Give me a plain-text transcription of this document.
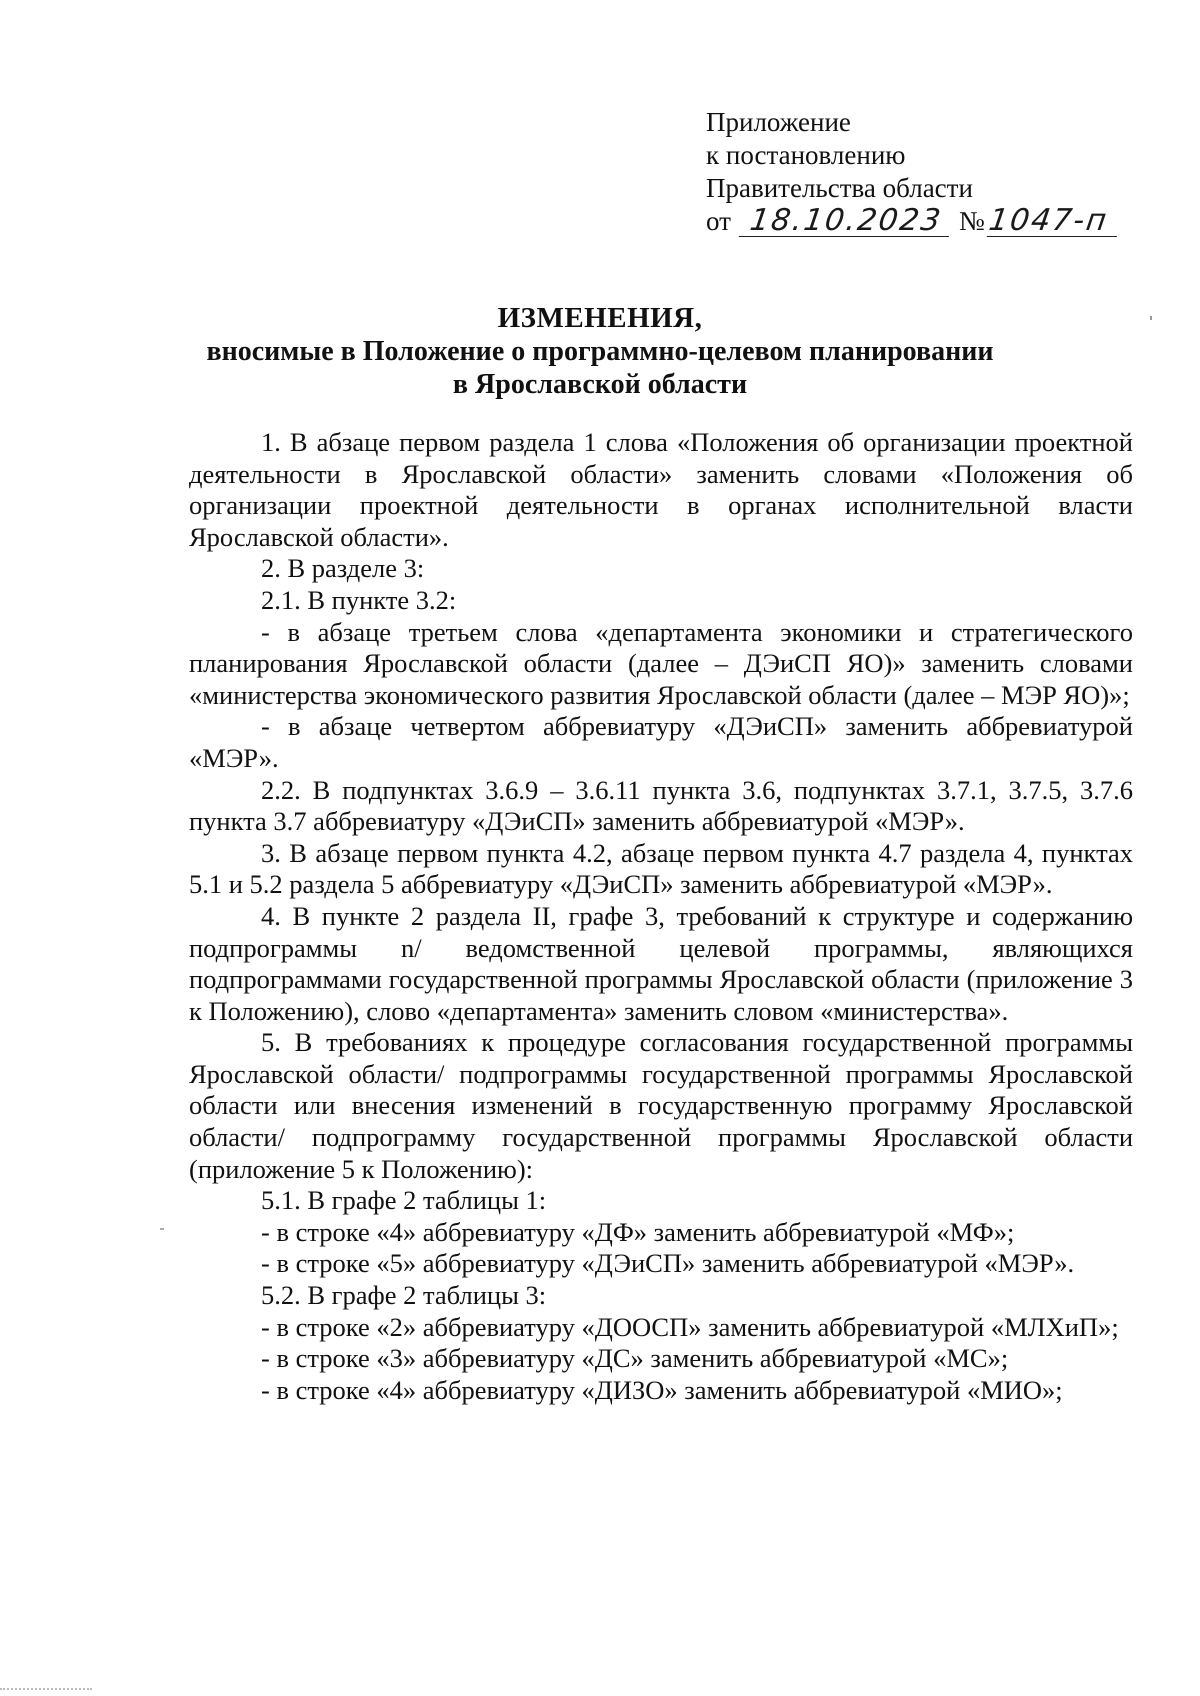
Приложение
к постановлению
Правительства области
от 18.10.2023 №1047-п
ИЗМЕНЕНИЯ,
вносимые в Положение о программно-целевом планировании
в Ярославской области

1. В абзаце первом раздела 1 слова «Положения об организации проектной деятельности в Ярославской области» заменить словами «Положения об организации проектной деятельности в органах исполнительной власти Ярославской области».

2. В разделе 3:

2.1. В пункте 3.2:

- в абзаце третьем слова «департамента экономики и стратегического планирования Ярославской области (далее – ДЭиСП ЯО)» заменить словами «министерства экономического развития Ярославской области (далее – МЭР ЯО)»;

- в абзаце четвертом аббревиатуру «ДЭиСП» заменить аббревиатурой «МЭР».

2.2. В подпунктах 3.6.9 – 3.6.11 пункта 3.6, подпунктах 3.7.1, 3.7.5, 3.7.6 пункта 3.7 аббревиатуру «ДЭиСП» заменить аббревиатурой «МЭР».

3. В абзаце первом пункта 4.2, абзаце первом пункта 4.7 раздела 4, пунктах 5.1 и 5.2 раздела 5 аббревиатуру «ДЭиСП» заменить аббревиатурой «МЭР».

4. В пункте 2 раздела II, графе 3, требований к структуре и содержанию подпрограммы n/ ведомственной целевой программы, являющихся подпрограммами государственной программы Ярославской области (приложение 3 к Положению), слово «департамента» заменить словом «министерства».

5. В требованиях к процедуре согласования государственной программы Ярославской области/ подпрограммы государственной программы Ярославской области или внесения изменений в государственную программу Ярославской области/ подпрограмму государственной программы Ярославской области (приложение 5 к Положению):

5.1. В графе 2 таблицы 1:

- в строке «4» аббревиатуру «ДФ» заменить аббревиатурой «МФ»;

- в строке «5» аббревиатуру «ДЭиСП» заменить аббревиатурой «МЭР».

5.2. В графе 2 таблицы 3:

- в строке «2» аббревиатуру «ДООСП» заменить аббревиатурой «МЛХиП»;

- в строке «3» аббревиатуру «ДС» заменить аббревиатурой «МС»;

- в строке «4» аббревиатуру «ДИЗО» заменить аббревиатурой «МИО»;
